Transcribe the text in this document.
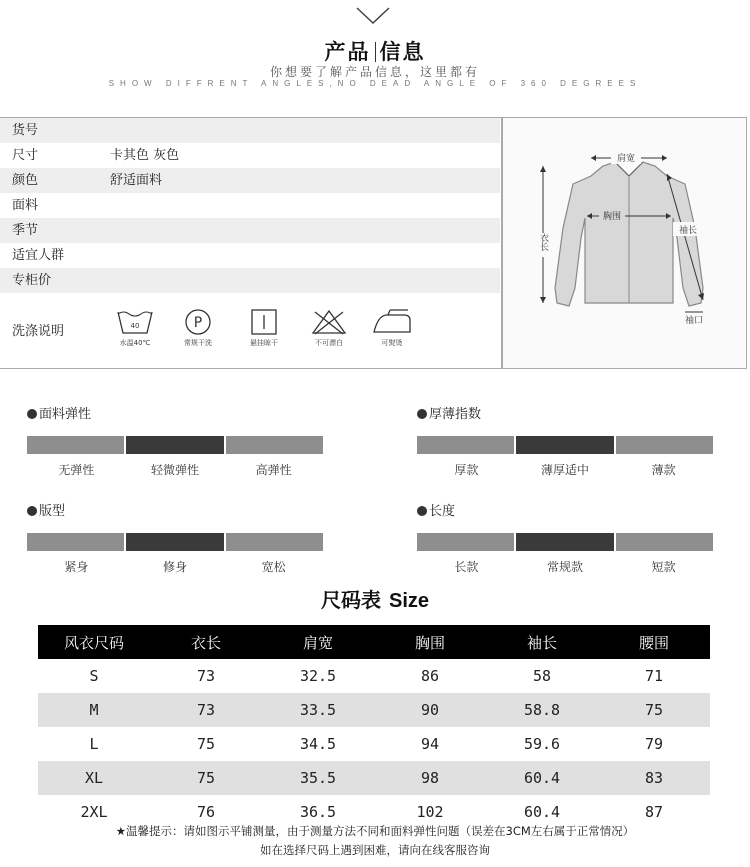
产品 信息
你想要了解产品信息，这里都有
SHOW DIFFRENT ANGLES,NO DEAD ANGLE OF 360 DEGREES
货号
尺寸	卡其色 灰色
颜色	舒适面料
面料
季节
适宜人群
专柜价
洗涤说明	40
水温40℃
P
常规干洗	悬挂晾干	不可漂白	可熨烫
肩宽
胸围
衣长
袖长
袖口
面料弹性
无弹性	轻微弹性	高弹性
厚薄指数
厚款	薄厚适中	薄款
版型
紧身	修身	宽松
长度
长款	常规款	短款
尺码表 Size
风衣尺码	衣长	肩宽	胸围	袖长	腰围
S	73	32.5	86	58	71
M	73	33.5	90	58.8	75
L	75	34.5	94	59.6	79
XL	75	35.5	98	60.4	83
2XL	76	36.5	102	60.4	87
★温馨提示：请如图示平铺测量，由于测量方法不同和面料弹性问题（误差在3CM左右属于正常情况）
如在选择尺码上遇到困难，请向在线客服咨询
